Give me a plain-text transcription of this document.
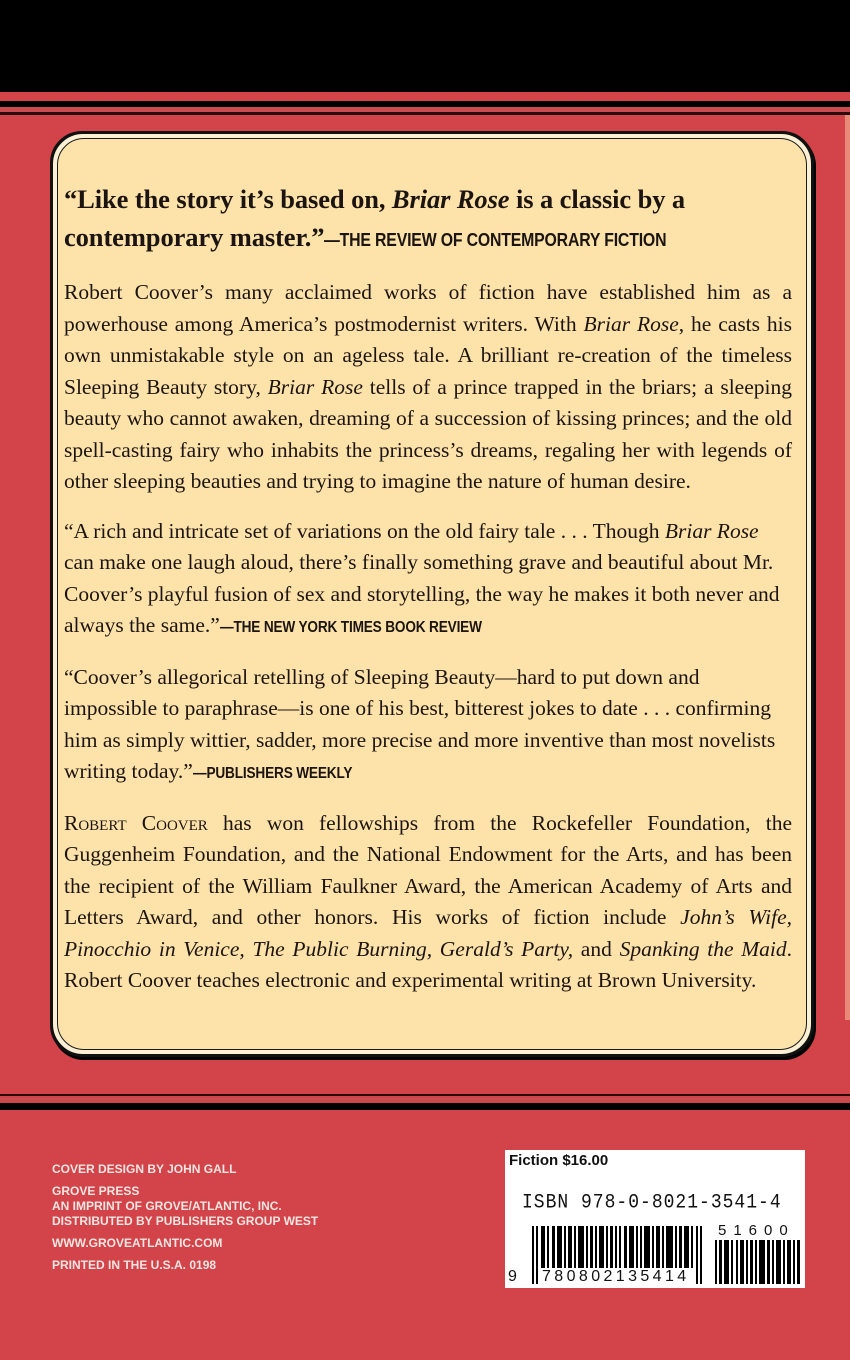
“Like the story it’s based on, Briar Rose is a classic by a contemporary master.”—THE REVIEW OF CONTEMPORARY FICTION

Robert Coover’s many acclaimed works of fiction have established him as a powerhouse among America’s postmodernist writers. With Briar Rose, he casts his own unmistakable style on an ageless tale. A brilliant re-creation of the timeless Sleeping Beauty story, Briar Rose tells of a prince trapped in the briars; a sleeping beauty who cannot awaken, dreaming of a succession of kissing princes; and the old spell-casting fairy who inhabits the princess’s dreams, regaling her with legends of other sleeping beauties and trying to imagine the nature of human desire.

“A rich and intricate set of variations on the old fairy tale . . . Though Briar Rose can make one laugh aloud, there’s finally something grave and beautiful about Mr. Coover’s playful fusion of sex and storytelling, the way he makes it both never and always the same.”—THE NEW YORK TIMES BOOK REVIEW

“Coover’s allegorical retelling of Sleeping Beauty—hard to put down and impossible to paraphrase—is one of his best, bitterest jokes to date . . . confirming him as simply wittier, sadder, more precise and more inventive than most novelists writing today.”—PUBLISHERS WEEKLY

Robert Coover has won fellowships from the Rockefeller Foundation, the Guggenheim Foundation, and the National Endowment for the Arts, and has been the recipient of the William Faulkner Award, the American Academy of Arts and Letters Award, and other honors. His works of fiction include John’s Wife, Pinocchio in Venice, The Public Burning, Gerald’s Party, and Spanking the Maid. Robert Coover teaches electronic and experimental writing at Brown University.

COVER DESIGN BY JOHN GALL
GROVE PRESS
AN IMPRINT OF GROVE/ATLANTIC, INC.
DISTRIBUTED BY PUBLISHERS GROUP WEST
WWW.GROVEATLANTIC.COM
PRINTED IN THE U.S.A. 0198
Fiction $16.00
ISBN 978-0-8021-3541-4
9 780802135414
51600
